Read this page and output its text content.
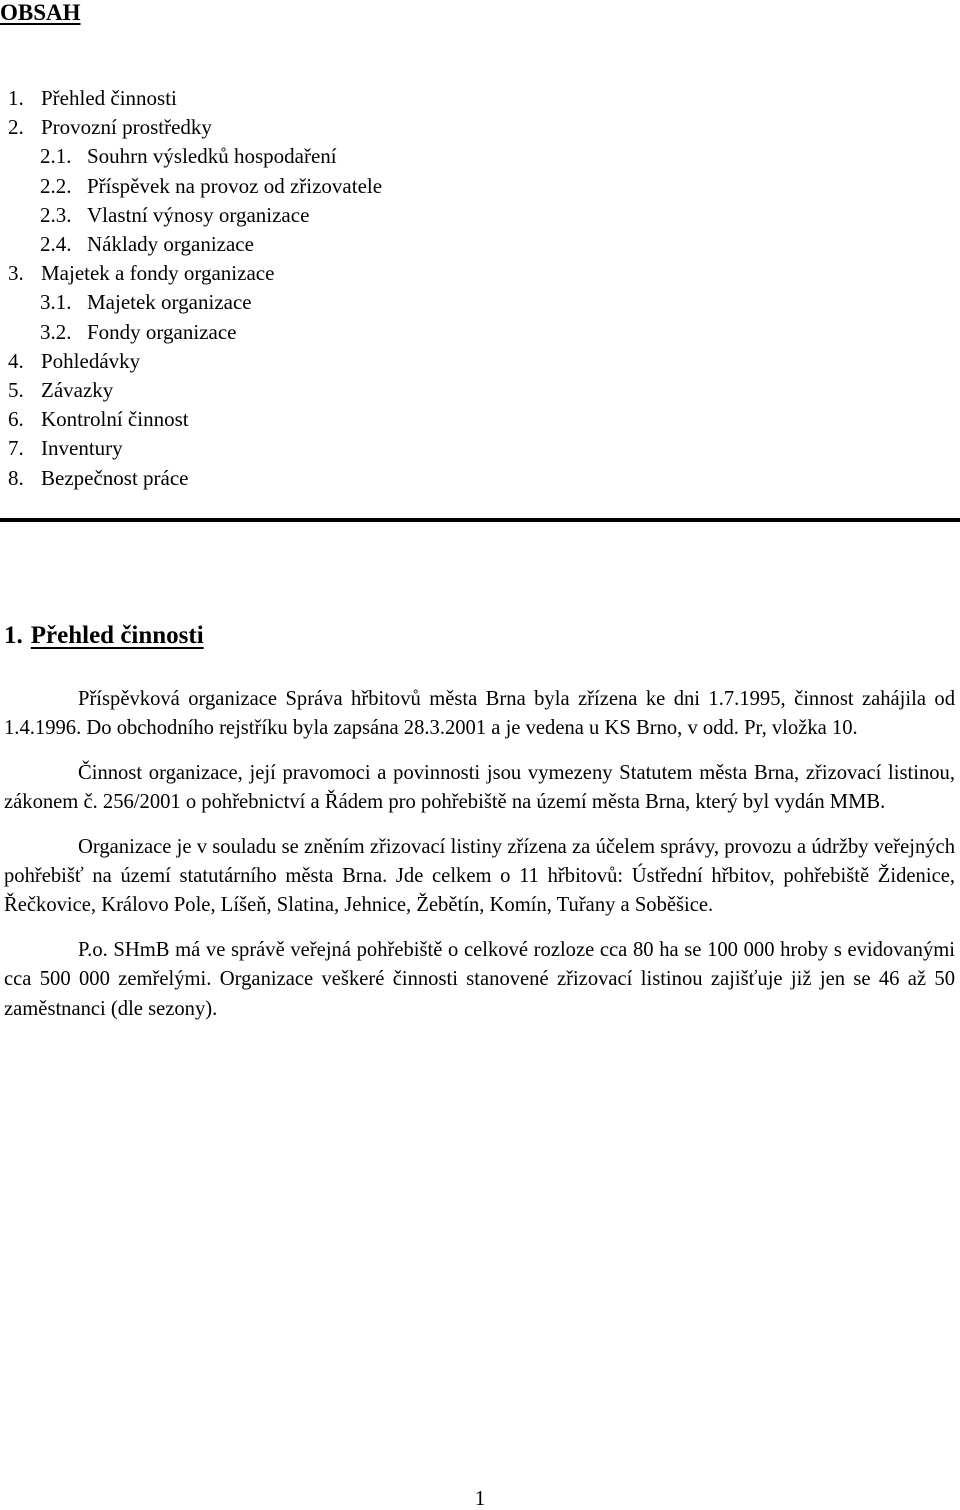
OBSAH
1. Přehled činnosti
2. Provozní prostředky
2.1. Souhrn výsledků hospodaření
2.2. Příspěvek na provoz od zřizovatele
2.3. Vlastní výnosy organizace
2.4. Náklady organizace
3. Majetek a fondy organizace
3.1. Majetek organizace
3.2. Fondy organizace
4. Pohledávky
5. Závazky
6. Kontrolní činnost
7. Inventury
8. Bezpečnost práce
1. Přehled činnosti

Příspěvková organizace Správa hřbitovů města Brna byla zřízena ke dni 1.7.1995, činnost zahájila od 1.4.1996. Do obchodního rejstříku byla zapsána 28.3.2001 a je vedena u KS Brno, v odd. Pr, vložka 10.

Činnost organizace, její pravomoci a povinnosti jsou vymezeny Statutem města Brna, zřizovací listinou, zákonem č. 256/2001 o pohřebnictví a Řádem pro pohřebiště na území města Brna, který byl vydán MMB.

Organizace je v souladu se zněním zřizovací listiny zřízena za účelem správy, provozu a údržby veřejných pohřebišť na území statutárního města Brna. Jde celkem o 11 hřbitovů: Ústřední hřbitov, pohřebiště Židenice, Řečkovice, Královo Pole, Líšeň, Slatina, Jehnice, Žebětín, Komín, Tuřany a Soběšice.

P.o. SHmB má ve správě veřejná pohřebiště o celkové rozloze cca 80 ha se 100 000 hroby s evidovanými cca 500 000 zemřelými. Organizace veškeré činnosti stanovené zřizovací listinou zajišťuje již jen se 46 až 50 zaměstnanci (dle sezony).

1
